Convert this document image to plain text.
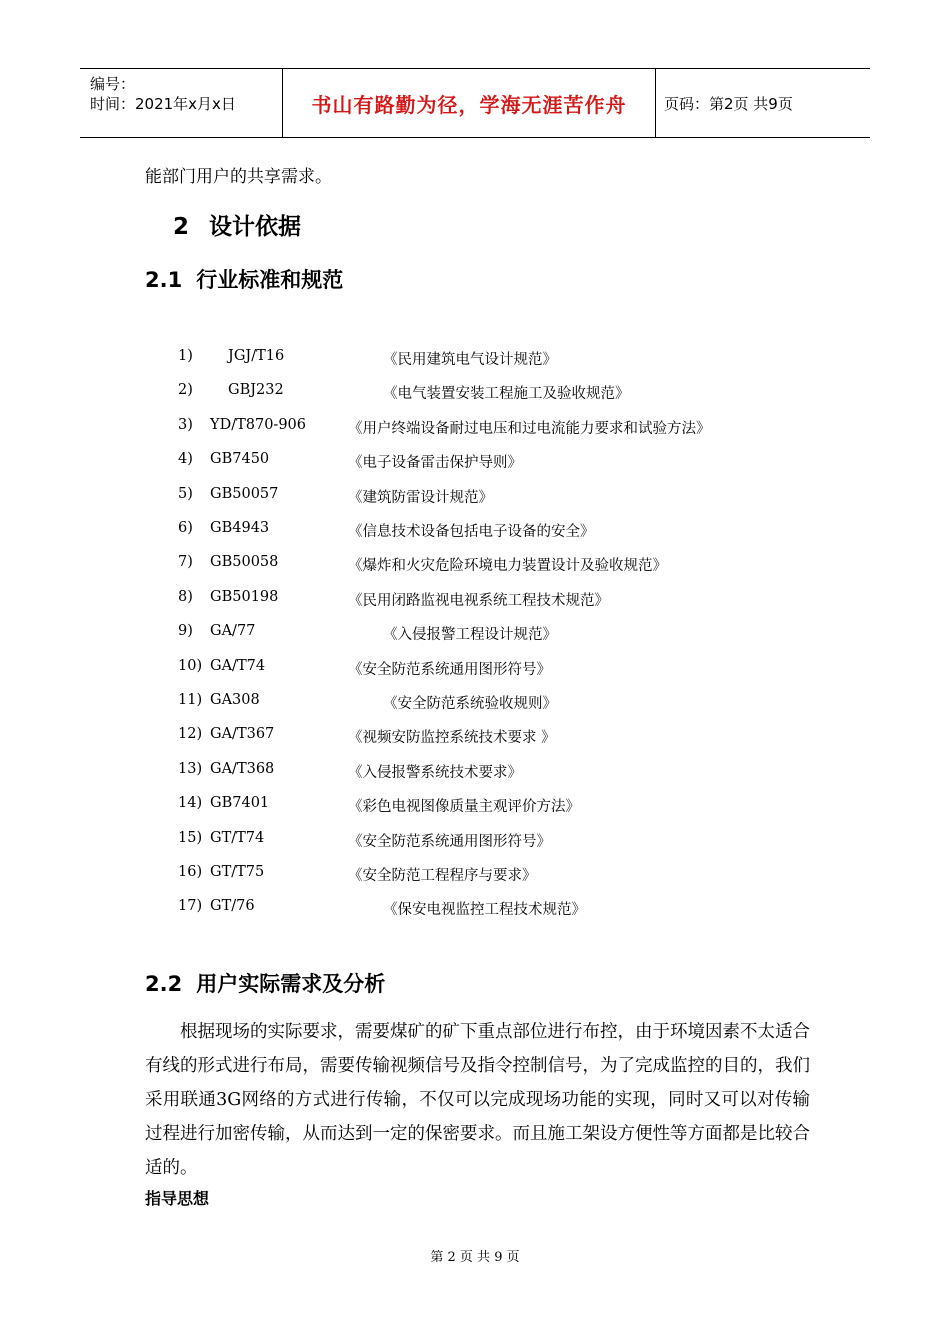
编号：
时间：2021年x月x日	书山有路勤为径，学海无涯苦作舟	页码：第2页 共9页
能部门用户的共享需求。
2 设计依据
2.1 行业标准和规范
1) JGJ/T16	《民用建筑电气设计规范》
2) GBJ232	《电气装置安装工程施工及验收规范》
3) YD/T870-906	《用户终端设备耐过电压和过电流能力要求和试验方法》
4) GB7450	《电子设备雷击保护导则》
5) GB50057	《建筑防雷设计规范》
6) GB4943	《信息技术设备包括电子设备的安全》
7) GB50058	《爆炸和火灾危险环境电力装置设计及验收规范》
8) GB50198	《民用闭路监视电视系统工程技术规范》
9) GA/77	《入侵报警工程设计规范》
10) GA/T74	《安全防范系统通用图形符号》
11) GA308	《安全防范系统验收规则》
12) GA/T367	《视频安防监控系统技术要求 》
13) GA/T368	《入侵报警系统技术要求》
14) GB7401	《彩色电视图像质量主观评价方法》
15) GT/T74	《安全防范系统通用图形符号》
16) GT/T75	《安全防范工程程序与要求》
17) GT/76	《保安电视监控工程技术规范》
2.2 用户实际需求及分析

根据现场的实际要求，需要煤矿的矿下重点部位进行布控，由于环境因素不太适合有线的形式进行布局，需要传输视频信号及指令控制信号，为了完成监控的目的，我们采用联通3G网络的方式进行传输，不仅可以完成现场功能的实现，同时又可以对传输过程进行加密传输，从而达到一定的保密要求。而且施工架设方便性等方面都是比较合适的。

指导思想
第 2 页 共 9 页
